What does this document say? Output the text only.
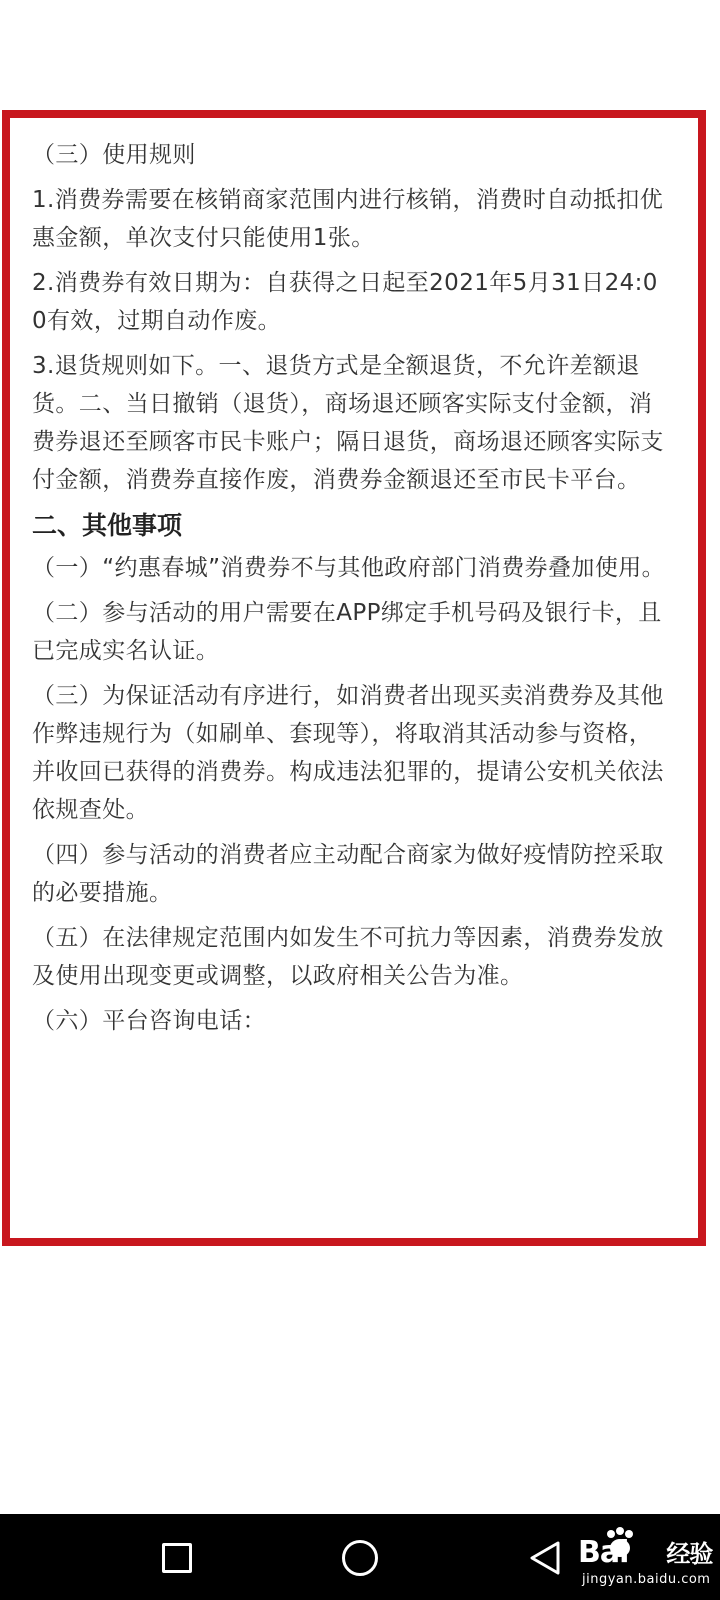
（三）使用规则

1.消费券需要在核销商家范围内进行核销，消费时自动抵扣优惠金额，单次支付只能使用1张。

2.消费券有效日期为：自获得之日起至2021年5月31日24:00有效，过期自动作废。

3.退货规则如下。一、退货方式是全额退货，不允许差额退货。二、当日撤销（退货），商场退还顾客实际支付金额，消费券退还至顾客市民卡账户；隔日退货，商场退还顾客实际支付金额，消费券直接作废，消费券金额退还至市民卡平台。

二、其他事项

（一）“约惠春城”消费券不与其他政府部门消费券叠加使用。

（二）参与活动的用户需要在APP绑定手机号码及银行卡，且已完成实名认证。

（三）为保证活动有序进行，如消费者出现买卖消费券及其他作弊违规行为（如刷单、套现等），将取消其活动参与资格，并收回已获得的消费券。构成违法犯罪的，提请公安机关依法依规查处。

（四）参与活动的消费者应主动配合商家为做好疫情防控采取的必要措施。

（五）在法律规定范围内如发生不可抗力等因素，消费券发放及使用出现变更或调整，以政府相关公告为准。

（六）平台咨询电话：

Bai 经验
jingyan.baidu.com
